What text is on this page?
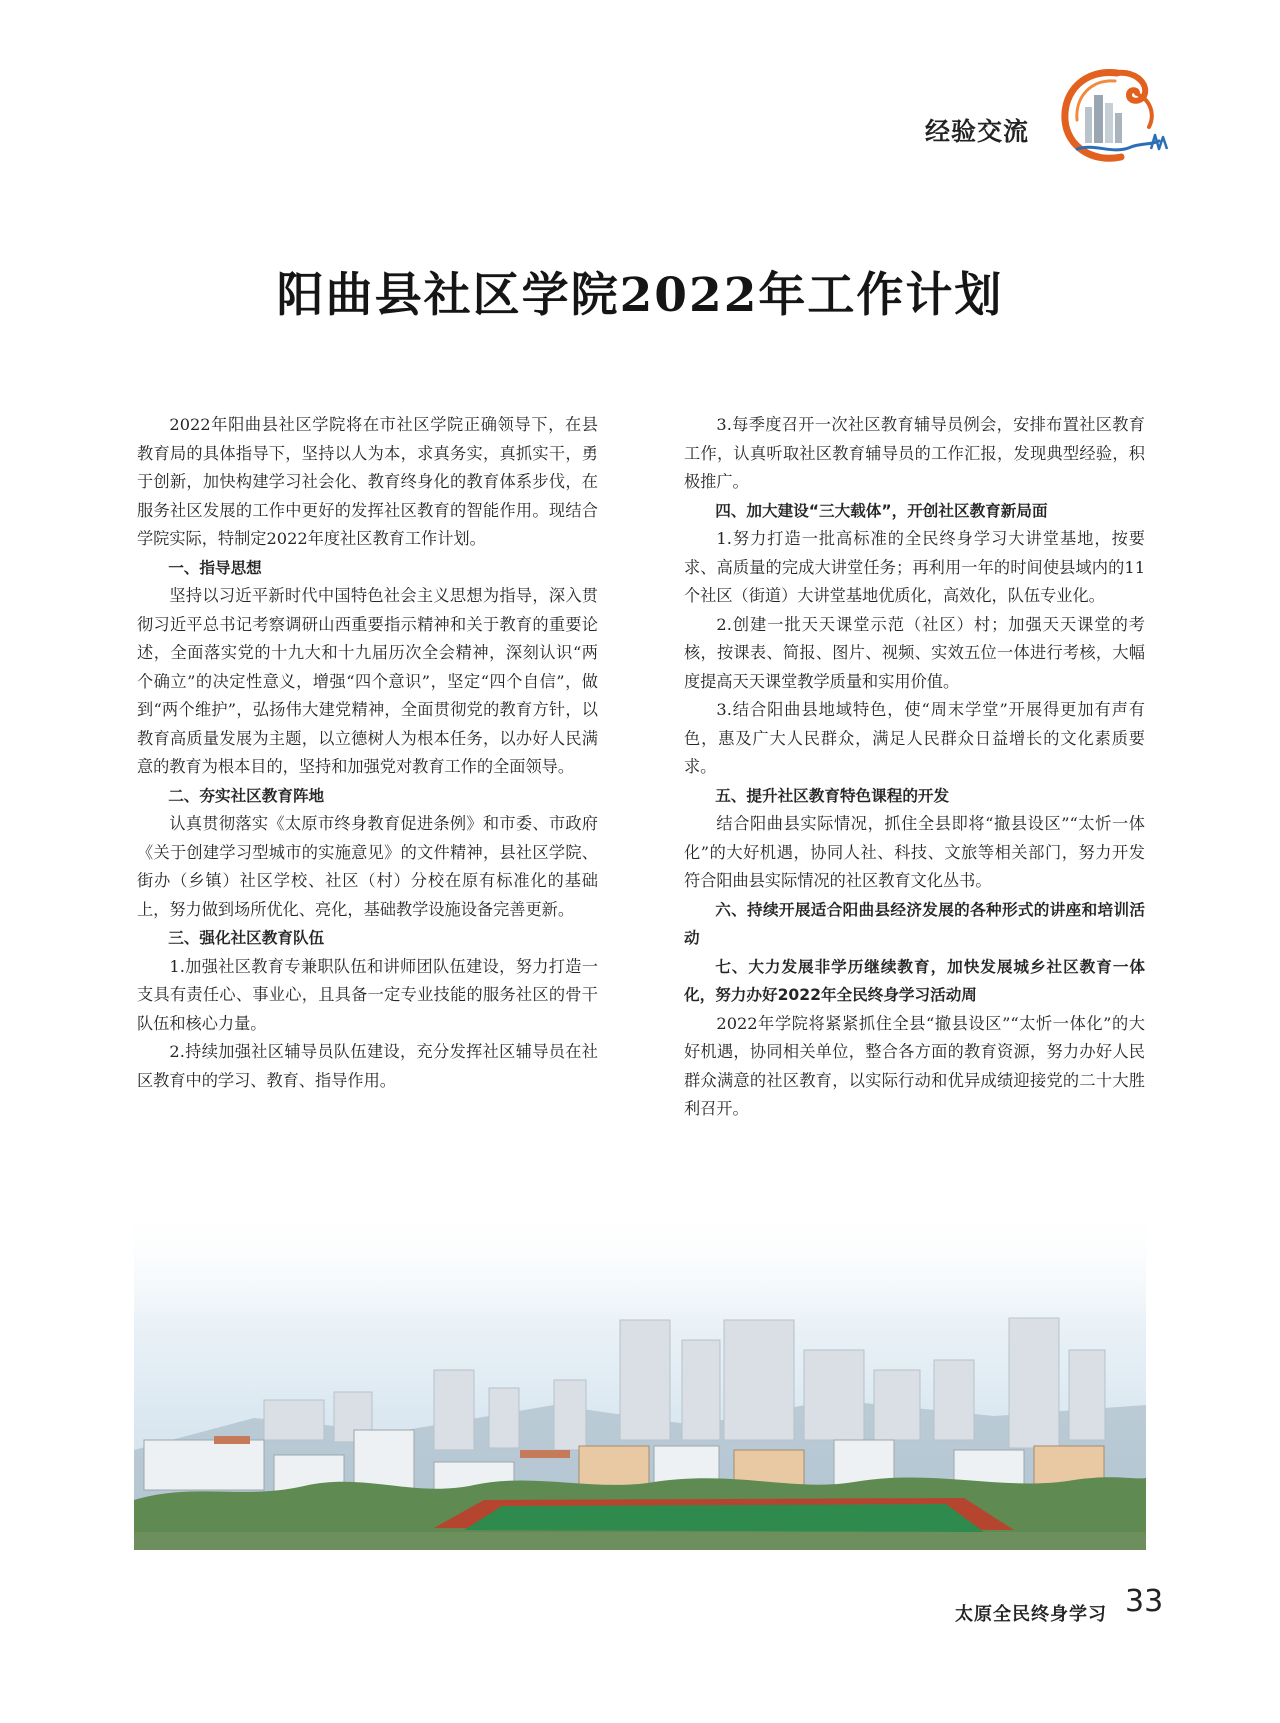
经验交流
阳曲县社区学院2022年工作计划

2022年阳曲县社区学院将在市社区学院正确领导下，在县教育局的具体指导下，坚持以人为本，求真务实，真抓实干，勇于创新，加快构建学习社会化、教育终身化的教育体系步伐，在服务社区发展的工作中更好的发挥社区教育的智能作用。现结合学院实际，特制定2022年度社区教育工作计划。

一、指导思想

坚持以习近平新时代中国特色社会主义思想为指导，深入贯彻习近平总书记考察调研山西重要指示精神和关于教育的重要论述，全面落实党的十九大和十九届历次全会精神，深刻认识“两个确立”的决定性意义，增强“四个意识”，坚定“四个自信”，做到“两个维护”，弘扬伟大建党精神，全面贯彻党的教育方针，以教育高质量发展为主题，以立德树人为根本任务，以办好人民满意的教育为根本目的，坚持和加强党对教育工作的全面领导。

二、夯实社区教育阵地

认真贯彻落实《太原市终身教育促进条例》和市委、市政府《关于创建学习型城市的实施意见》的文件精神，县社区学院、街办（乡镇）社区学校、社区（村）分校在原有标准化的基础上，努力做到场所优化、亮化，基础教学设施设备完善更新。

三、强化社区教育队伍

1.加强社区教育专兼职队伍和讲师团队伍建设，努力打造一支具有责任心、事业心，且具备一定专业技能的服务社区的骨干队伍和核心力量。

2.持续加强社区辅导员队伍建设，充分发挥社区辅导员在社区教育中的学习、教育、指导作用。

3.每季度召开一次社区教育辅导员例会，安排布置社区教育工作，认真听取社区教育辅导员的工作汇报，发现典型经验，积极推广。

四、加大建设“三大载体”，开创社区教育新局面

1.努力打造一批高标准的全民终身学习大讲堂基地，按要求、高质量的完成大讲堂任务；再利用一年的时间使县域内的11个社区（街道）大讲堂基地优质化，高效化，队伍专业化。

2.创建一批天天课堂示范（社区）村；加强天天课堂的考核，按课表、简报、图片、视频、实效五位一体进行考核，大幅度提高天天课堂教学质量和实用价值。

3.结合阳曲县地域特色，使“周末学堂”开展得更加有声有色，惠及广大人民群众，满足人民群众日益增长的文化素质要求。

五、提升社区教育特色课程的开发

结合阳曲县实际情况，抓住全县即将“撤县设区”“太忻一体化”的大好机遇，协同人社、科技、文旅等相关部门，努力开发符合阳曲县实际情况的社区教育文化丛书。

六、持续开展适合阳曲县经济发展的各种形式的讲座和培训活动

七、大力发展非学历继续教育，加快发展城乡社区教育一体化，努力办好2022年全民终身学习活动周

2022年学院将紧紧抓住全县“撤县设区”“太忻一体化”的大好机遇，协同相关单位，整合各方面的教育资源，努力办好人民群众满意的社区教育，以实际行动和优异成绩迎接党的二十大胜利召开。

太原全民终身学习 33
